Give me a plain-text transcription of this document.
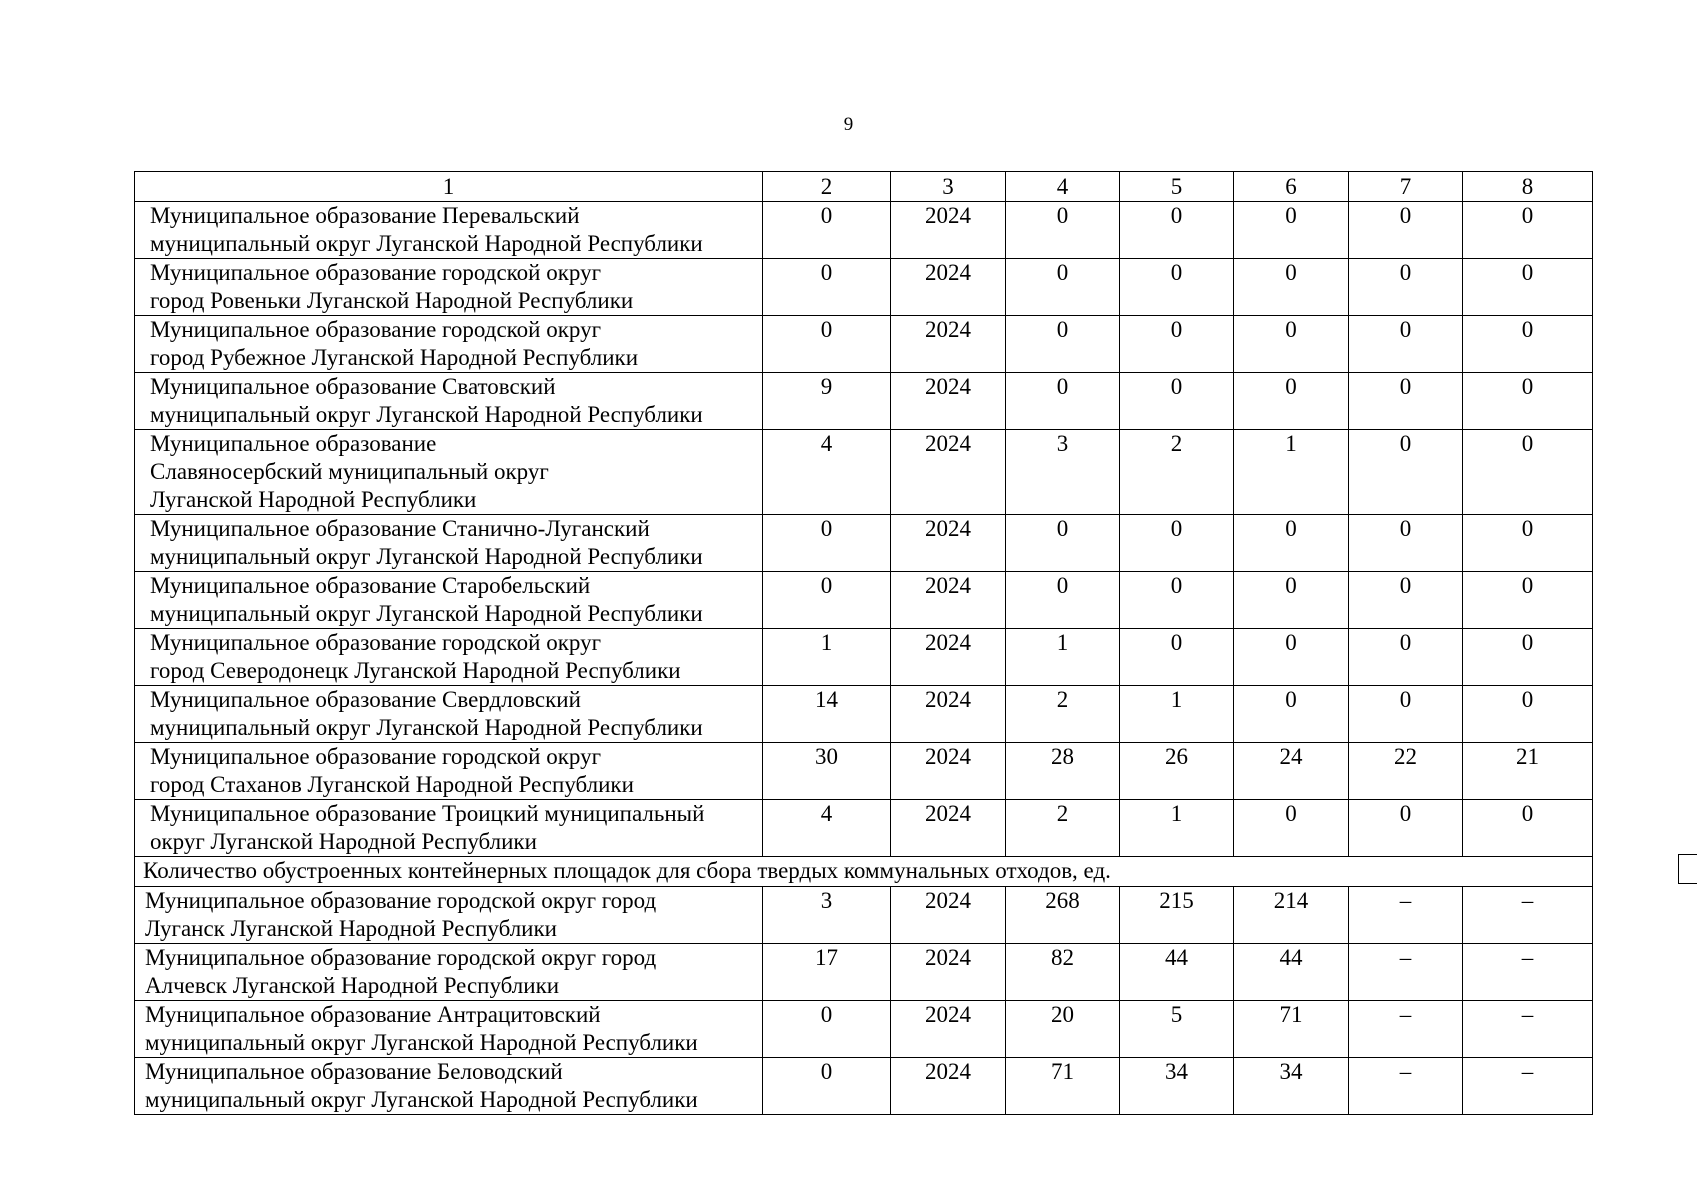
9
1	2	3	4	5	6	7	8

Муниципальное образование Перевальский
муниципальный округ Луганской Народной Республики	0	2024	0	0	0	0	0

Муниципальное образование городской округ
город Ровеньки Луганской Народной Республики	0	2024	0	0	0	0	0

Муниципальное образование городской округ
город Рубежное Луганской Народной Республики	0	2024	0	0	0	0	0

Муниципальное образование Сватовский
муниципальный округ Луганской Народной Республики	9	2024	0	0	0	0	0

Муниципальное образование
Славяносербский муниципальный округ
Луганской Народной Республики	4	2024	3	2	1	0	0

Муниципальное образование Станично-Луганский
муниципальный округ Луганской Народной Республики	0	2024	0	0	0	0	0

Муниципальное образование Старобельский
муниципальный округ Луганской Народной Республики	0	2024	0	0	0	0	0

Муниципальное образование городской округ
город Северодонецк Луганской Народной Республики	1	2024	1	0	0	0	0

Муниципальное образование Свердловский
муниципальный округ Луганской Народной Республики	14	2024	2	1	0	0	0

Муниципальное образование городской округ
город Стаханов Луганской Народной Республики	30	2024	28	26	24	22	21

Муниципальное образование Троицкий муниципальный
округ Луганской Народной Республики	4	2024	2	1	0	0	0
Количество обустроенных контейнерных площадок для сбора твердых коммунальных отходов, ед.							

Муниципальное образование городской округ город
Луганск Луганской Народной Республики	3	2024	268	215	214	–	–

Муниципальное образование городской округ город
Алчевск Луганской Народной Республики	17	2024	82	44	44	–	–

Муниципальное образование Антрацитовский
муниципальный округ Луганской Народной Республики	0	2024	20	5	71	–	–

Муниципальное образование Беловодский
муниципальный округ Луганской Народной Республики	0	2024	71	34	34	–	–
